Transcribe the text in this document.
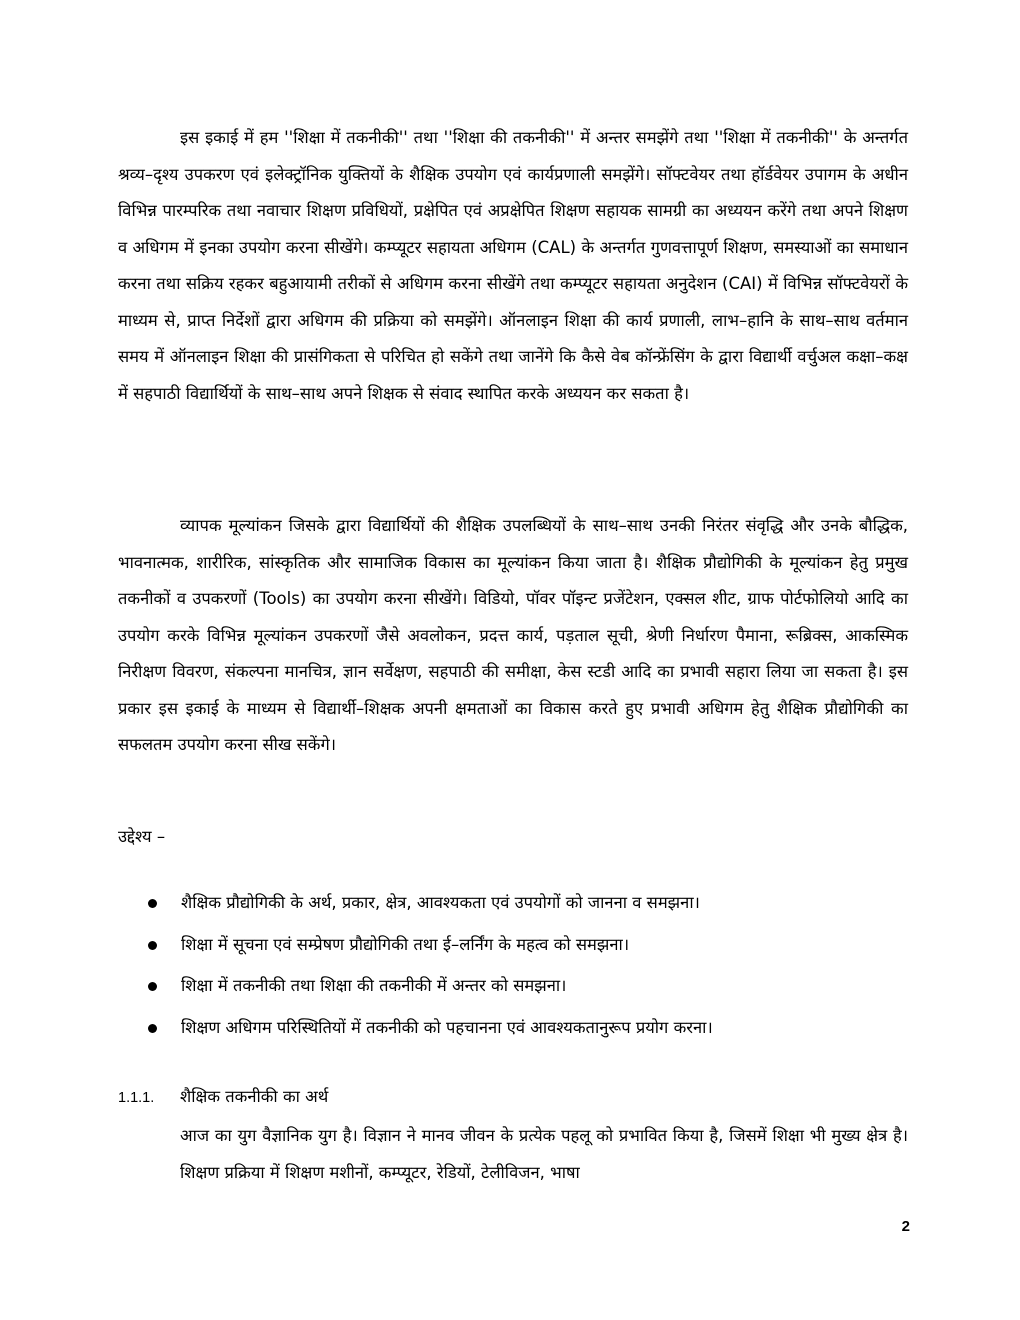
इस इकाई में हम ''शिक्षा में तकनीकी'' तथा ''शिक्षा की तकनीकी'' में अन्तर समझेंगे तथा ''शिक्षा में तकनीकी'' के अन्तर्गत श्रव्य–दृश्य उपकरण एवं इलेक्ट्रॉनिक युक्तियों के शैक्षिक उपयोग एवं कार्यप्रणाली समझेंगे। सॉफ्टवेयर तथा हॉर्डवेयर उपागम के अधीन विभिन्न पारम्परिक तथा नवाचार शिक्षण प्रविधियों, प्रक्षेपित एवं अप्रक्षेपित शिक्षण सहायक सामग्री का अध्ययन करेंगे तथा अपने शिक्षण व अधिगम में इनका उपयोग करना सीखेंगे। कम्प्यूटर सहायता अधिगम (CAL) के अन्तर्गत गुणवत्तापूर्ण शिक्षण, समस्याओं का समाधान करना तथा सक्रिय रहकर बहुआयामी तरीकों से अधिगम करना सीखेंगे तथा कम्प्यूटर सहायता अनुदेशन (CAI) में विभिन्न सॉफ्टवेयरों के माध्यम से, प्राप्त निर्देशों द्वारा अधिगम की प्रक्रिया को समझेंगे। ऑनलाइन शिक्षा की कार्य प्रणाली, लाभ–हानि के साथ–साथ वर्तमान समय में ऑनलाइन शिक्षा की प्रासंगिकता से परिचित हो सकेंगे तथा जानेंगे कि कैसे वेब कॉन्फ्रेंसिंग के द्वारा विद्यार्थी वर्चुअल कक्षा–कक्ष में सहपाठी विद्यार्थियों के साथ–साथ अपने शिक्षक से संवाद स्थापित करके अध्ययन कर सकता है।

व्यापक मूल्यांकन जिसके द्वारा विद्यार्थियों की शैक्षिक उपलब्धियों के साथ–साथ उनकी निरंतर संवृद्धि और उनके बौद्धिक, भावनात्मक, शारीरिक, सांस्कृतिक और सामाजिक विकास का मूल्यांकन किया जाता है। शैक्षिक प्रौद्योगिकी के मूल्यांकन हेतु प्रमुख तकनीकों व उपकरणों (Tools) का उपयोग करना सीखेंगे। विडियो, पॉवर पॉइन्ट प्रजेंटेशन, एक्सल शीट, ग्राफ पोर्टफोलियो आदि का उपयोग करके विभिन्न मूल्यांकन उपकरणों जैसे अवलोकन, प्रदत्त कार्य, पड़ताल सूची, श्रेणी निर्धारण पैमाना, रूब्रिक्स, आकस्मिक निरीक्षण विवरण, संकल्पना मानचित्र, ज्ञान सर्वेक्षण, सहपाठी की समीक्षा, केस स्टडी आदि का प्रभावी सहारा लिया जा सकता है। इस प्रकार इस इकाई के माध्यम से विद्यार्थी–शिक्षक अपनी क्षमताओं का विकास करते हुए प्रभावी अधिगम हेतु शैक्षिक प्रौद्योगिकी का सफलतम उपयोग करना सीख सकेंगे।

उद्देश्य –

शैक्षिक प्रौद्योगिकी के अर्थ, प्रकार, क्षेत्र, आवश्यकता एवं उपयोगों को जानना व समझना।
शिक्षा में सूचना एवं सम्प्रेषण प्रौद्योगिकी तथा ई–लर्निंग के महत्व को समझना।
शिक्षा में तकनीकी तथा शिक्षा की तकनीकी में अन्तर को समझना।
शिक्षण अधिगम परिस्थितियों में तकनीकी को पहचानना एवं आवश्यकतानुरूप प्रयोग करना।
1.1.1. शैक्षिक तकनीकी का अर्थ

आज का युग वैज्ञानिक युग है। विज्ञान ने मानव जीवन के प्रत्येक पहलू को प्रभावित किया है, जिसमें शिक्षा भी मुख्य क्षेत्र है। शिक्षण प्रक्रिया में शिक्षण मशीनों, कम्प्यूटर, रेडियों, टेलीविजन, भाषा

2
